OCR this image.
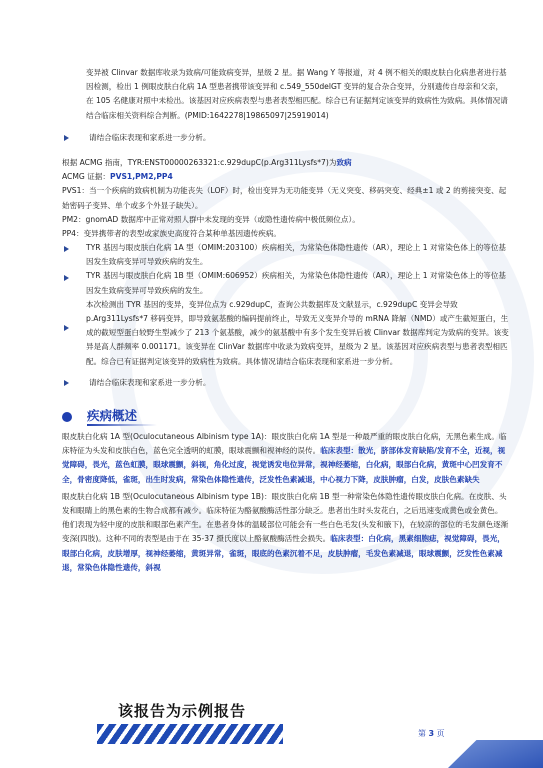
变异被 Clinvar 数据库收录为致病/可能致病变异，星级 2 星。据 Wang Y 等报道，对 4 例不相关的眼皮肤白化病患者进行基因检测，检出 1 例眼皮肤白化病 1A 型患者携带该变异和 c.549_550delGT 变异的复合杂合变异，分别遗传自母亲和父亲，在 105 名健康对照中未检出。该基因对应疾病表型与患者表型相匹配。综合已有证据判定该变异的致病性为致病。具体情况请结合临床相关资料综合判断。(PMID:1642278|19865097|25919014)

请结合临床表现和家系进一步分析。

根据 ACMG 指南，TYR:ENST00000263321:c.929dupC(p.Arg311Lysfs*7)为致病

ACMG 证据：PVS1,PM2,PP4

PVS1：当一个疾病的致病机制为功能丧失（LOF）时，检出变异为无功能变异（无义突变、移码突变、经典±1 或 2 的剪接突变、起始密码子变异、单个或多个外显子缺失）。

PM2：gnomAD 数据库中正常对照人群中未发现的变异（或隐性遗传病中极低频位点）。

PP4：变异携带者的表型或家族史高度符合某种单基因遗传疾病。

TYR 基因与眼皮肤白化病 1A 型（OMIM:203100）疾病相关，为常染色体隐性遗传（AR），理论上 1 对常染色体上的等位基因发生致病变异可导致疾病的发生。

TYR 基因与眼皮肤白化病 1B 型（OMIM:606952）疾病相关，为常染色体隐性遗传（AR），理论上 1 对常染色体上的等位基因发生致病变异可导致疾病的发生。

本次检测出 TYR 基因的变异，变异位点为 c.929dupC，查询公共数据库及文献显示，c.929dupC 变异会导致 p.Arg311Lysfs*7 移码变异，即导致氨基酸的编码提前终止，导致无义变异介导的 mRNA 降解（NMD）或产生截短蛋白，生成的截短型蛋白较野生型减少了 213 个氨基酸，减少的氨基酸中有多个发生变异后被 Clinvar 数据库判定为致病的变异。该变异是高人群频率 0.001171。该变异在 ClinVar 数据库中收录为致病变异，星级为 2 星。该基因对应疾病表型与患者表型相匹配。综合已有证据判定该变异的致病性为致病。具体情况请结合临床表现和家系进一步分析。

请结合临床表现和家系进一步分析。
疾病概述

眼皮肤白化病 1A 型(Oculocutaneous Albinism type 1A)：眼皮肤白化病 1A 型是一种最严重的眼皮肤白化病，无黑色素生成。临床特征为头发和皮肤白色，蓝色完全透明的虹膜，眼球震颤和视神经的误传。临床表型：散光，脐部体发育缺陷/发育不全，近视，视觉障碍，畏光，蓝色虹膜，眼球震颤，斜视，角化过度，视觉诱发电位异常，视神经萎缩，白化病，眼部白化病，黄斑中心凹发育不全，骨密度降低，雀斑，出生时发病，常染色体隐性遗传，泛发性色素减退，中心视力下降，皮肤肿瘤，白发，皮肤色素缺失

眼皮肤白化病 1B 型(Oculocutaneous Albinism type 1B)：眼皮肤白化病 1B 型一种常染色体隐性遗传眼皮肤白化病。在皮肤、头发和眼睛上的黑色素的生物合成都有减少。临床特征为酪氨酸酶活性部分缺乏。患者出生时头发花白，之后迅速变成黄色或金黄色。他们表现为轻中度的皮肤和眼部色素产生。在患者身体的温暖部位可能会有一些白色毛发(头发和腋下)，在较凉的部位的毛发颜色逐渐变深(四肢)。这种不同的表型是由于在 35-37 摄氏度以上酪氨酸酶活性会损失。临床表型：白化病，黑素细胞痣，视觉障碍，畏光，眼部白化病，皮肤增厚，视神经萎缩，黄斑异常，雀斑，眼底的色素沉着不足，皮肤肿瘤，毛发色素减退，眼球震颤，泛发性色素减退，常染色体隐性遗传，斜视

该报告为示例报告
第 3 页
